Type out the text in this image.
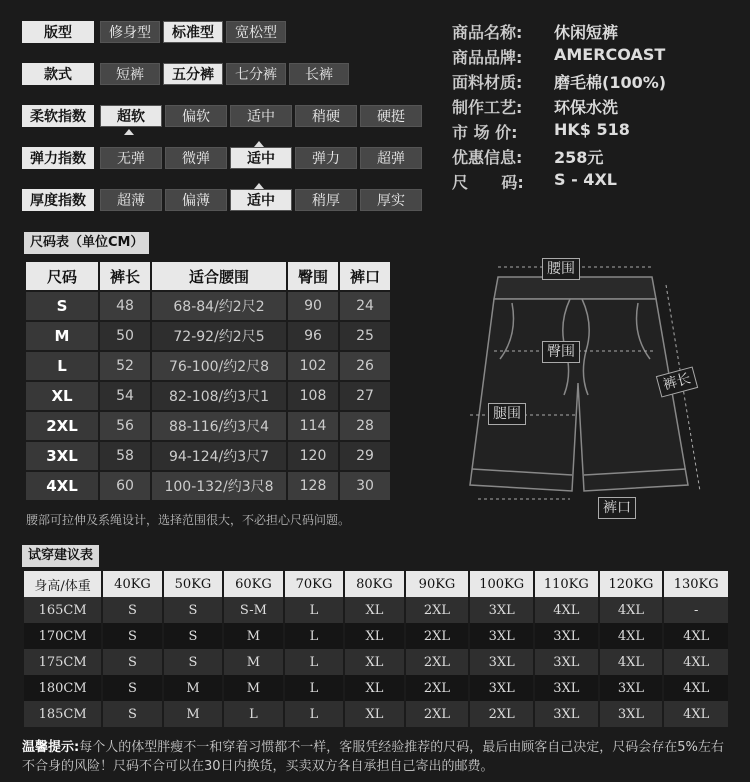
版型	修身型	标准型	宽松型
款式	短裤	五分裤	七分裤	长裤
柔软指数	超软	偏软	适中	稍硬	硬挺
弹力指数	无弹	微弹	适中	弹力	超弹
厚度指数	超薄	偏薄	适中	稍厚	厚实
商品名称:	休闲短裤
商品品牌:	AMERCOAST
面料材质:	磨毛棉(100%)
制作工艺:	环保水洗
市 场 价:	HK$ 518
优惠信息:	258元
尺      码:	S - 4XL
尺码表（单位CM）
尺码	裤长	适合腰围	臀围	裤口
S	48	68-84/约2尺2	90	24
M	50	72-92/约2尺5	96	25
L	52	76-100/约2尺8	102	26
XL	54	82-108/约3尺1	108	27
2XL	56	88-116/约3尺4	114	28
3XL	58	94-124/约3尺7	120	29
4XL	60	100-132/约3尺8	128	30
腰部可拉伸及系绳设计，选择范围很大，不必担心尺码问题。
腰围
臀围
腿围
裤口
裤长
试穿建议表
身高/体重	40KG	50KG	60KG	70KG	80KG	90KG	100KG	110KG	120KG	130KG
165CM	S	S	S-M	L	XL	2XL	3XL	4XL	4XL	-
170CM	S	S	M	L	XL	2XL	3XL	3XL	4XL	4XL
175CM	S	S	M	L	XL	2XL	3XL	3XL	4XL	4XL
180CM	S	M	M	L	XL	2XL	3XL	3XL	3XL	4XL
185CM	S	M	L	L	XL	2XL	2XL	3XL	3XL	4XL
温馨提示:每个人的体型胖瘦不一和穿着习惯都不一样，客服凭经验推荐的尺码，最后由顾客自己决定，尺码会存在5%左右不合身的风险！尺码不合可以在30日内换货，买卖双方各自承担自己寄出的邮费。
